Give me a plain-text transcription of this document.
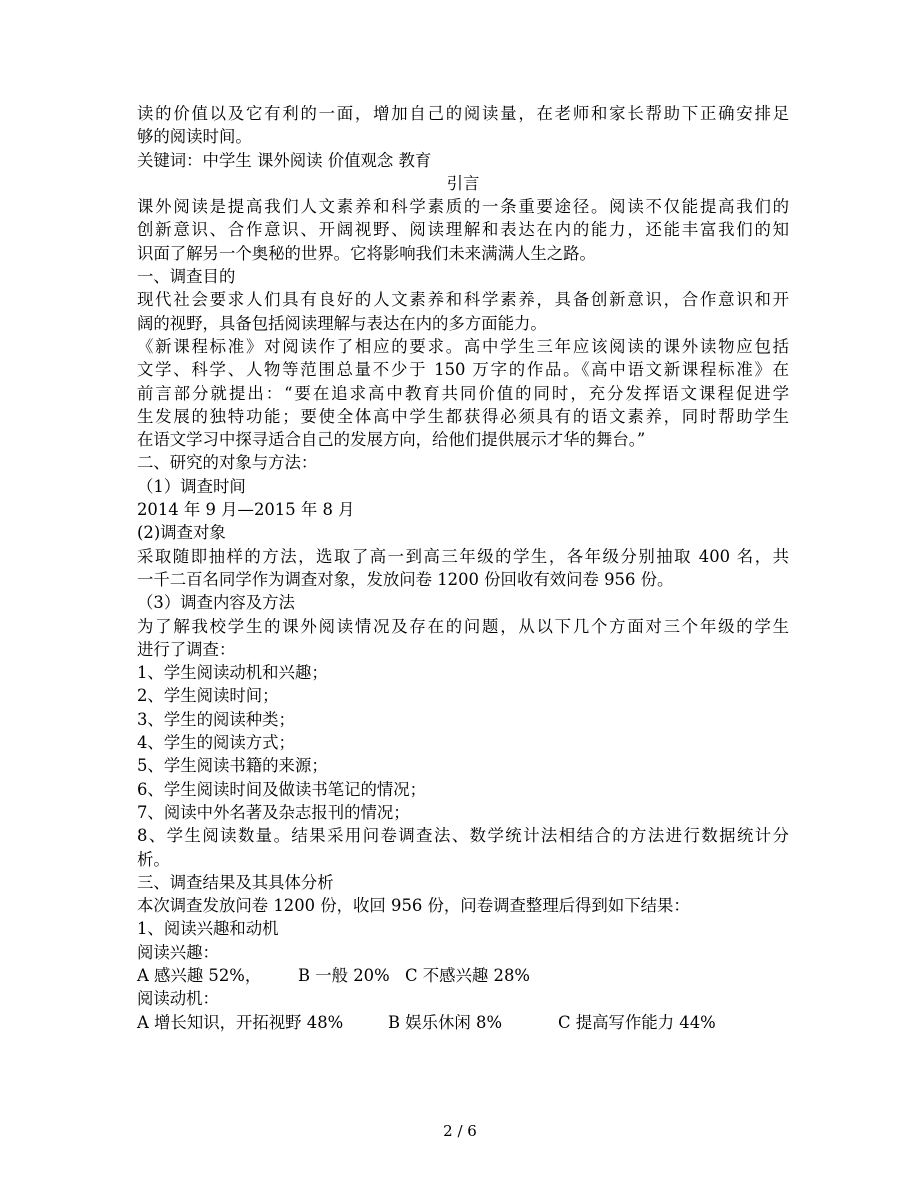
读的价值以及它有利的一面，增加自己的阅读量，在老师和家长帮助下正确安排足
够的阅读时间。
关键词：中学生 课外阅读 价值观念 教育
引言
课外阅读是提高我们人文素养和科学素质的一条重要途径。阅读不仅能提高我们的
创新意识、合作意识、开阔视野、阅读理解和表达在内的能力，还能丰富我们的知
识面了解另一个奥秘的世界。它将影响我们未来满满人生之路。
一、调查目的
现代社会要求人们具有良好的人文素养和科学素养，具备创新意识，合作意识和开
阔的视野，具备包括阅读理解与表达在内的多方面能力。
《新课程标准》对阅读作了相应的要求。高中学生三年应该阅读的课外读物应包括
文学、科学、人物等范围总量不少于 150 万字的作品。《高中语文新课程标准》在
前言部分就提出：“要在追求高中教育共同价值的同时，充分发挥语文课程促进学
生发展的独特功能；要使全体高中学生都获得必须具有的语文素养，同时帮助学生
在语文学习中探寻适合自己的发展方向，给他们提供展示才华的舞台。”
二、研究的对象与方法：
（1）调查时间
2014 年 9 月—2015 年 8 月
(2)调查对象
采取随即抽样的方法，选取了高一到高三年级的学生，各年级分别抽取 400 名，共
一千二百名同学作为调查对象，发放问卷 1200 份回收有效问卷 956 份。
（3）调查内容及方法
为了解我校学生的课外阅读情况及存在的问题，从以下几个方面对三个年级的学生
进行了调查：
1、学生阅读动机和兴趣；
2、学生阅读时间；
3、学生的阅读种类；
4、学生的阅读方式；
5、学生阅读书籍的来源；
6、学生阅读时间及做读书笔记的情况；
7、阅读中外名著及杂志报刊的情况；
8、学生阅读数量。结果采用问卷调查法、数学统计法相结合的方法进行数据统计分
析。
三、调查结果及其具体分析
本次调查发放问卷 1200 份，收回 956 份，问卷调查整理后得到如下结果：
1、阅读兴趣和动机
阅读兴趣：
A 感兴趣 52%，	B 一般 20% C 不感兴趣 28%
阅读动机：
A 增长知识，开拓视野 48%	B 娱乐休闲 8%	C 提高写作能力 44%
2 / 6
